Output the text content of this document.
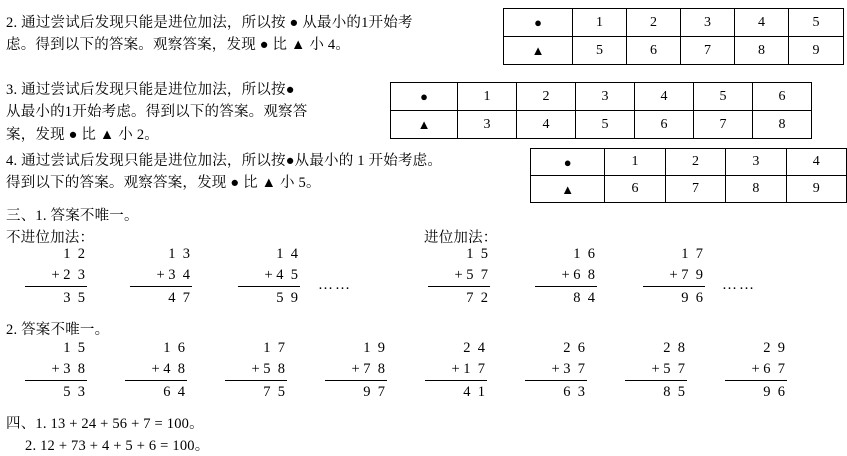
2. 通过尝试后发现只能是进位加法，所以按 ● 从最小的1开始考
虑。得到以下的答案。观察答案，发现 ● 比 ▲ 小 4。
●	1	2	3	4	5
▲	5	6	7	8	9
3. 通过尝试后发现只能是进位加法，所以按●
从最小的1开始考虑。得到以下的答案。观察答
案，发现 ● 比 ▲ 小 2。
●	1	2	3	4	5	6
▲	3	4	5	6	7	8
4. 通过尝试后发现只能是进位加法，所以按●从最小的 1 开始考虑。
得到以下的答案。观察答案，发现 ● 比 ▲ 小 5。
●	1	2	3	4
▲	6	7	8	9
三、1. 答案不唯一。
不进位加法：	进位加法：
1  2
+ 2  3
3  5
1  3
+ 3  4
4  7
1  4
+ 4  5
5  9
……
1  5
+ 5  7
7  2
1  6
+ 6  8
8  4
1  7
+ 7  9
9  6
……
2. 答案不唯一。
1  5
+ 3  8
5  3
1  6
+ 4  8
6  4
1  7
+ 5  8
7  5
1  9
+ 7  8
9  7
2  4
+ 1  7
4  1
2  6
+ 3  7
6  3
2  8
+ 5  7
8  5
2  9
+ 6  7
9  6
四、1. 13 + 24 + 56 + 7 = 100。
2. 12 + 73 + 4 + 5 + 6 = 100。
